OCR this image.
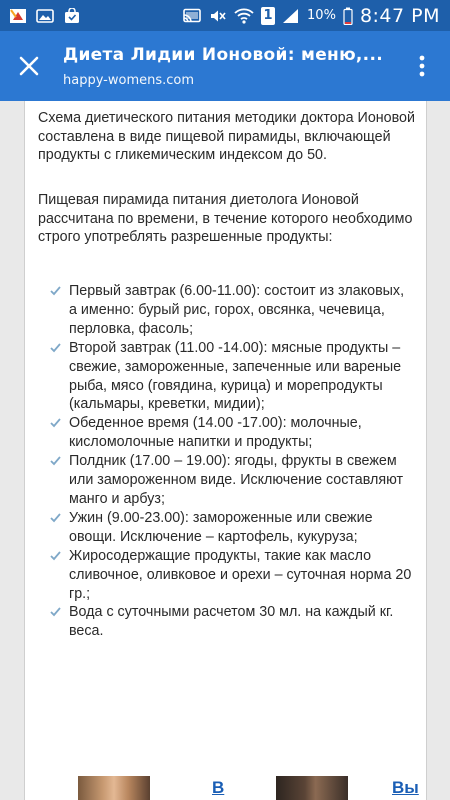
1	10% 8:47 PM
Диета Лидии Ионовой: меню,...
happy-womens.com

Схема диетического питания методики доктора Ионовой составлена в виде пищевой пирамиды, включающей продукты с гликемическим индексом до 50.

Пищевая пирамида питания диетолога Ионовой рассчитана по времени, в течение которого необходимо строго употреблять разрешенные продукты:

Первый завтрак (6.00-11.00): состоит из злаковых, а именно: бурый рис, горох, овсянка, чечевица, перловка, фасоль;
Второй завтрак (11.00 -14.00): мясные продукты – свежие, замороженные, запеченные или вареные рыба, мясо (говядина, курица) и морепродукты (кальмары, креветки, мидии);
Обеденное время (14.00 -17.00): молочные, кисломолочные напитки и продукты;
Полдник (17.00 – 19.00): ягоды, фрукты в свежем или замороженном виде. Исключение составляют манго и арбуз;
Ужин (9.00-23.00): замороженные или свежие овощи. Исключение – картофель, кукуруза;
Жиросодержащие продукты, такие как масло сливочное, оливковое и орехи – суточная норма 20 гр.;
Вода с суточными расчетом 30 мл. на каждый кг. веса.
В	Вы
